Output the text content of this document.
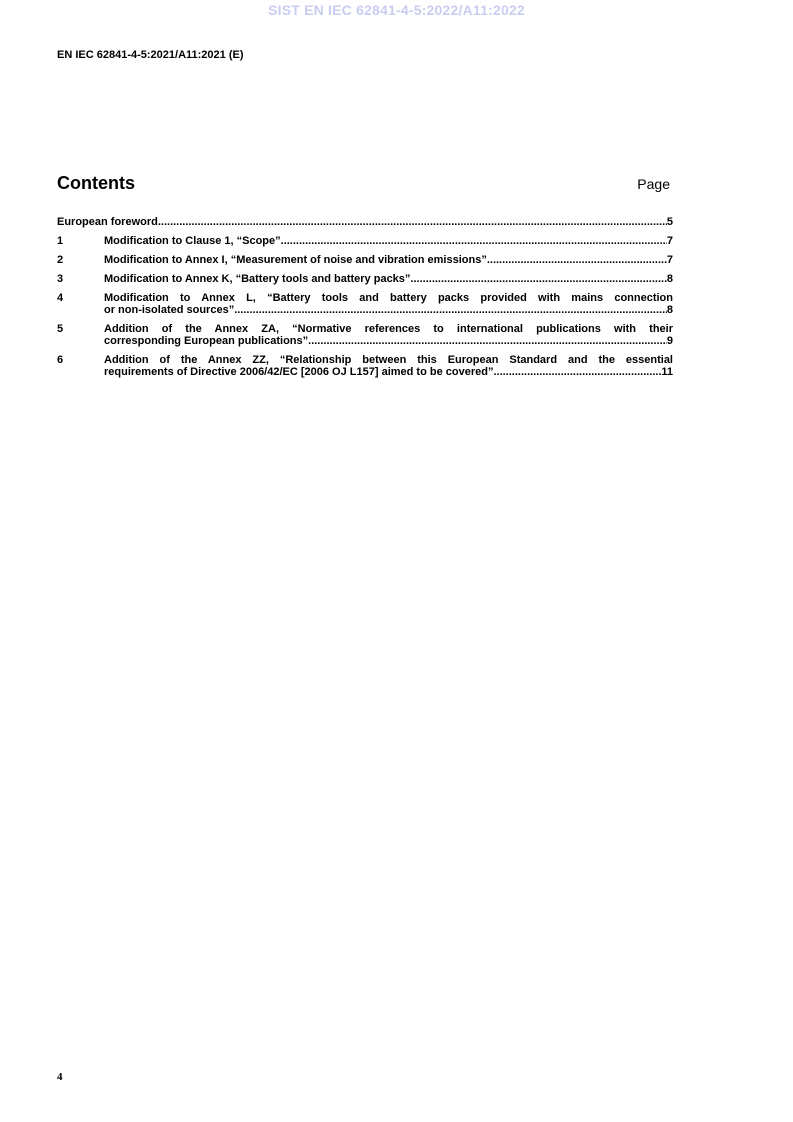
SIST EN IEC 62841-4-5:2022/A11:2022
EN IEC 62841-4-5:2021/A11:2021 (E)
Contents	Page
European foreword .....	5
1	Modification to Clause 1, “Scope” .....	7
2	Modification to Annex I, “Measurement of noise and vibration emissions” .....	7
3	Modification to Annex K, “Battery tools and battery packs” .....	8
4	Modification to Annex L, “Battery tools and battery packs provided with mains connection
or non-isolated sources” .....	8
5	Addition of the Annex ZA, “Normative references to international publications with their
corresponding European publications” .....	9
6	Addition of the Annex ZZ, “Relationship between this European Standard and the essential
requirements of Directive 2006/42/EC [2006 OJ L157] aimed to be covered” .....	11
4
